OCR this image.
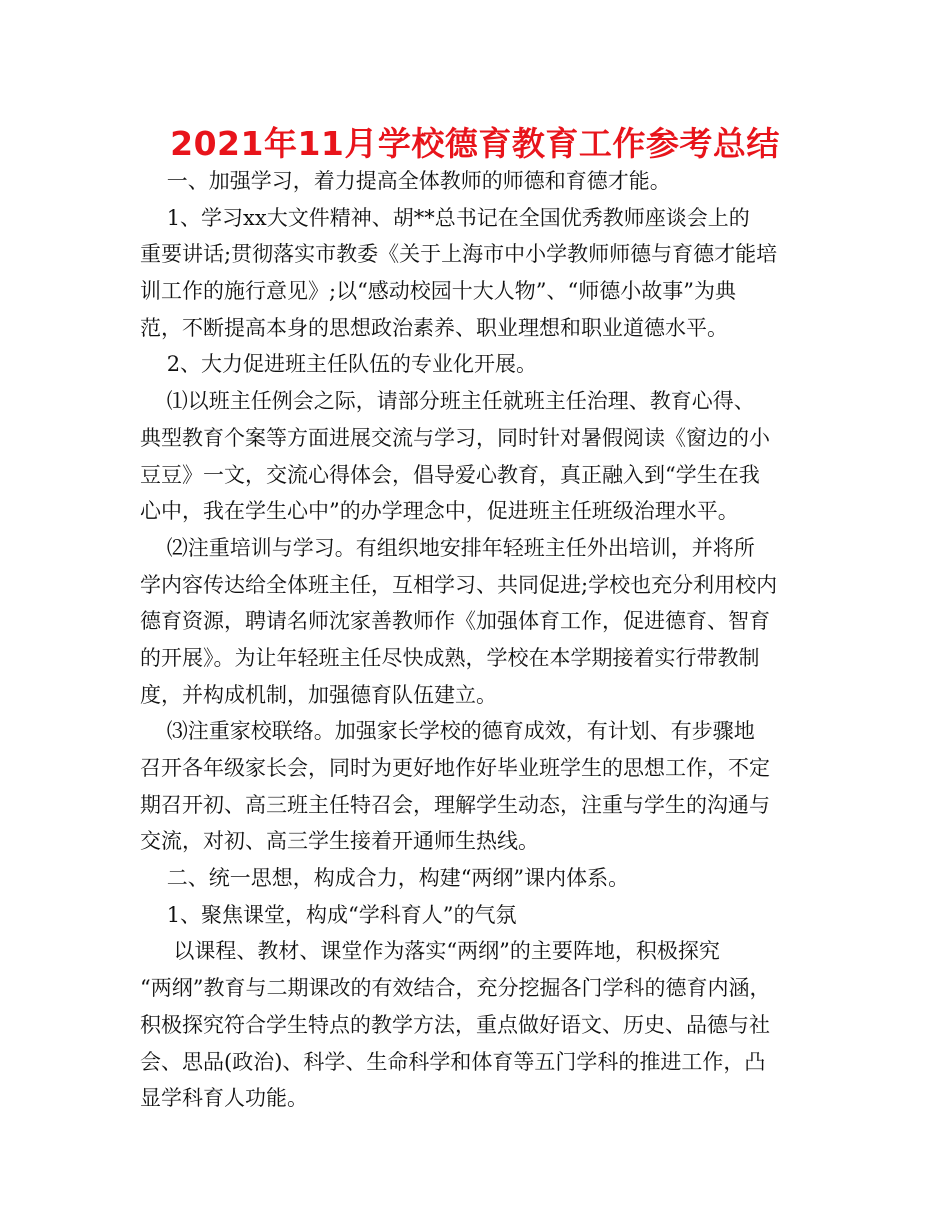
2021年11月学校德育教育工作参考总结
一、加强学习，着力提高全体教师的师德和育德才能。
1、学习xx大文件精神、胡**总书记在全国优秀教师座谈会上的
重要讲话;贯彻落实市教委《关于上海市中小学教师师德与育德才能培
训工作的施行意见》;以“感动校园十大人物”、“师德小故事”为典
范，不断提高本身的思想政治素养、职业理想和职业道德水平。
2、大力促进班主任队伍的专业化开展。
⑴以班主任例会之际，请部分班主任就班主任治理、教育心得、
典型教育个案等方面进展交流与学习，同时针对暑假阅读《窗边的小
豆豆》一文，交流心得体会，倡导爱心教育，真正融入到“学生在我
心中，我在学生心中”的办学理念中，促进班主任班级治理水平。
⑵注重培训与学习。有组织地安排年轻班主任外出培训，并将所
学内容传达给全体班主任，互相学习、共同促进;学校也充分利用校内
德育资源，聘请名师沈家善教师作《加强体育工作，促进德育、智育
的开展》。为让年轻班主任尽快成熟，学校在本学期接着实行带教制
度，并构成机制，加强德育队伍建立。
⑶注重家校联络。加强家长学校的德育成效，有计划、有步骤地
召开各年级家长会，同时为更好地作好毕业班学生的思想工作，不定
期召开初、高三班主任特召会，理解学生动态，注重与学生的沟通与
交流，对初、高三学生接着开通师生热线。
二、统一思想，构成合力，构建“两纲”课内体系。
1、聚焦课堂，构成“学科育人”的气氛
以课程、教材、课堂作为落实“两纲”的主要阵地，积极探究
“两纲”教育与二期课改的有效结合，充分挖掘各门学科的德育内涵，
积极探究符合学生特点的教学方法，重点做好语文、历史、品德与社
会、思品(政治)、科学、生命科学和体育等五门学科的推进工作，凸
显学科育人功能。
